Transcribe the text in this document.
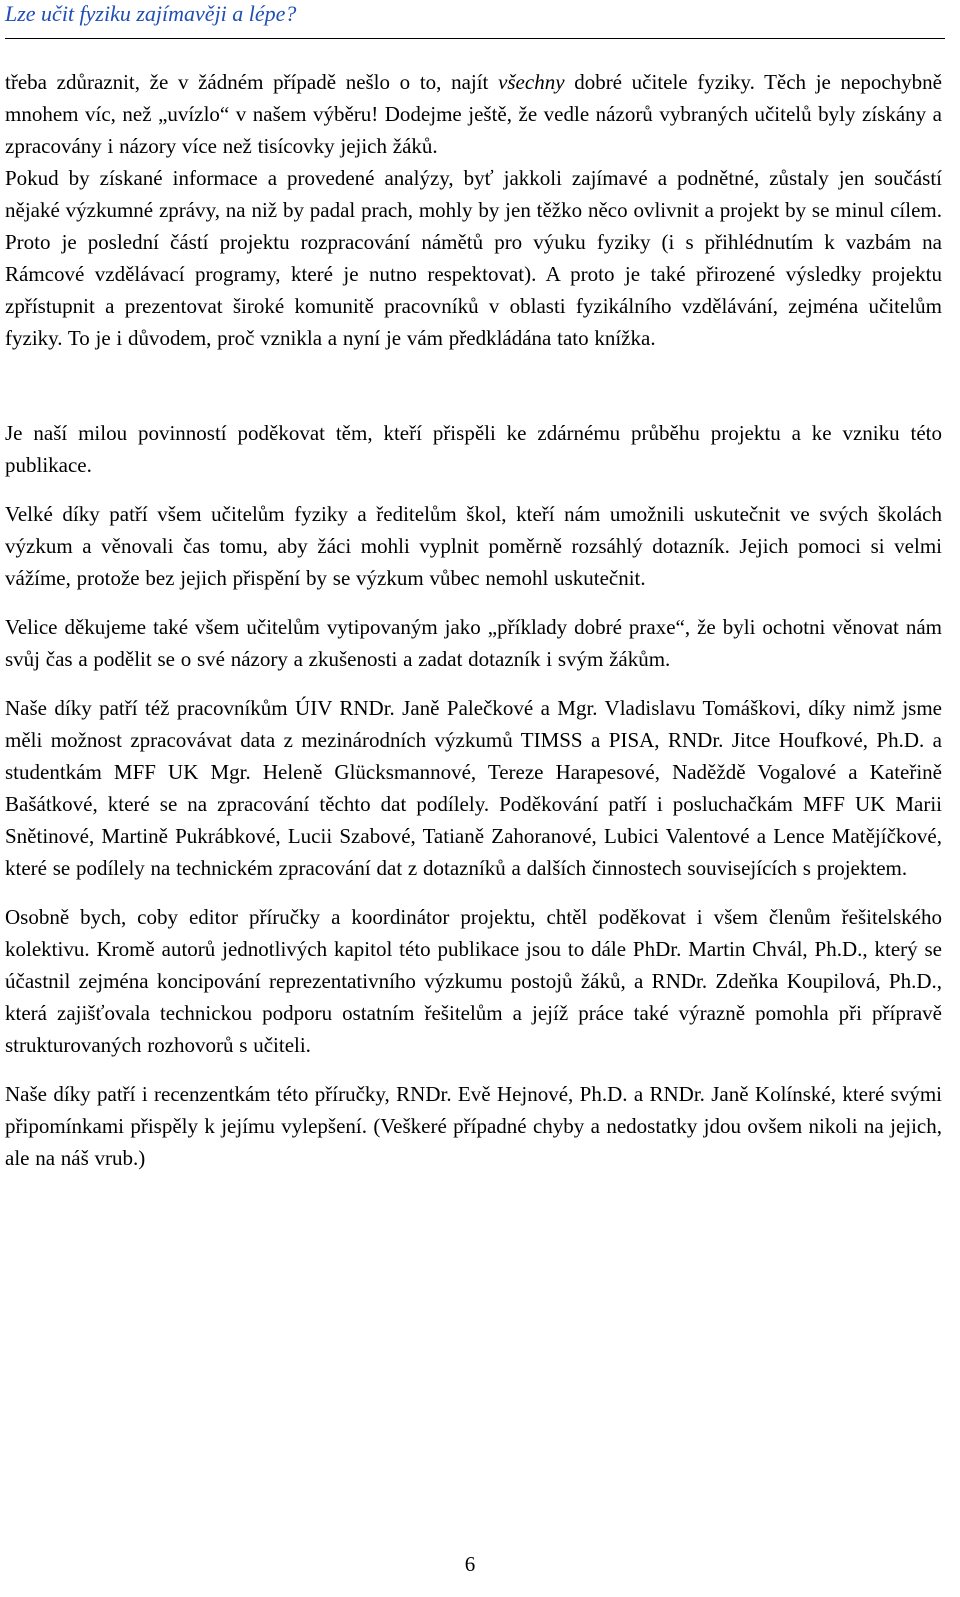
Lze učit fyziku zajímavěji a lépe?

třeba zdůraznit, že v žádném případě nešlo o to, najít všechny dobré učitele fyziky. Těch je nepochybně mnohem víc, než „uvízlo“ v našem výběru! Dodejme ještě, že vedle názorů vybraných učitelů byly získány a zpracovány i názory více než tisícovky jejich žáků.

Pokud by získané informace a provedené analýzy, byť jakkoli zajímavé a podnětné, zůstaly jen součástí nějaké výzkumné zprávy, na niž by padal prach, mohly by jen těžko něco ovlivnit a projekt by se minul cílem. Proto je poslední částí projektu rozpracování námětů pro výuku fyziky (i s přihlédnutím k vazbám na Rámcové vzdělávací programy, které je nutno respektovat). A proto je také přirozené výsledky projektu zpřístupnit a prezentovat široké komunitě pracovníků v oblasti fyzikálního vzdělávání, zejména učitelům fyziky. To je i důvodem, proč vznikla a nyní je vám předkládána tato knížka.

Je naší milou povinností poděkovat těm, kteří přispěli ke zdárnému průběhu projektu a ke vzniku této publikace.

Velké díky patří všem učitelům fyziky a ředitelům škol, kteří nám umožnili uskutečnit ve svých školách výzkum a věnovali čas tomu, aby žáci mohli vyplnit poměrně rozsáhlý dotazník. Jejich pomoci si velmi vážíme, protože bez jejich přispění by se výzkum vůbec nemohl uskutečnit.

Velice děkujeme také všem učitelům vytipovaným jako „příklady dobré praxe“, že byli ochotni věnovat nám svůj čas a podělit se o své názory a zkušenosti a zadat dotazník i svým žákům.

Naše díky patří též pracovníkům ÚIV RNDr. Janě Palečkové a Mgr. Vladislavu Tomáškovi, díky nimž jsme měli možnost zpracovávat data z mezinárodních výzkumů TIMSS a PISA, RNDr. Jitce Houfkové, Ph.D. a studentkám MFF UK Mgr. Heleně Glücksmannové, Tereze Harapesové, Naděždě Vogalové a Kateřině Bašátkové, které se na zpracování těchto dat podílely. Poděkování patří i posluchačkám MFF UK Marii Snětinové, Martině Pukrábkové, Lucii Szabové, Tatianě Zahoranové, Lubici Valentové a Lence Matějíčkové, které se podílely na technickém zpracování dat z dotazníků a dalších činnostech souvisejících s projektem.

Osobně bych, coby editor příručky a koordinátor projektu, chtěl poděkovat i všem členům řešitelského kolektivu. Kromě autorů jednotlivých kapitol této publikace jsou to dále PhDr. Martin Chvál, Ph.D., který se účastnil zejména koncipování reprezentativního výzkumu postojů žáků, a RNDr. Zdeňka Koupilová, Ph.D., která zajišťovala technickou podporu ostatním řešitelům a jejíž práce také výrazně pomohla při přípravě strukturovaných rozhovorů s učiteli.

Naše díky patří i recenzentkám této příručky, RNDr. Evě Hejnové, Ph.D. a RNDr. Janě Kolínské, které svými připomínkami přispěly k jejímu vylepšení. (Veškeré případné chyby a nedostatky jdou ovšem nikoli na jejich, ale na náš vrub.)

6
